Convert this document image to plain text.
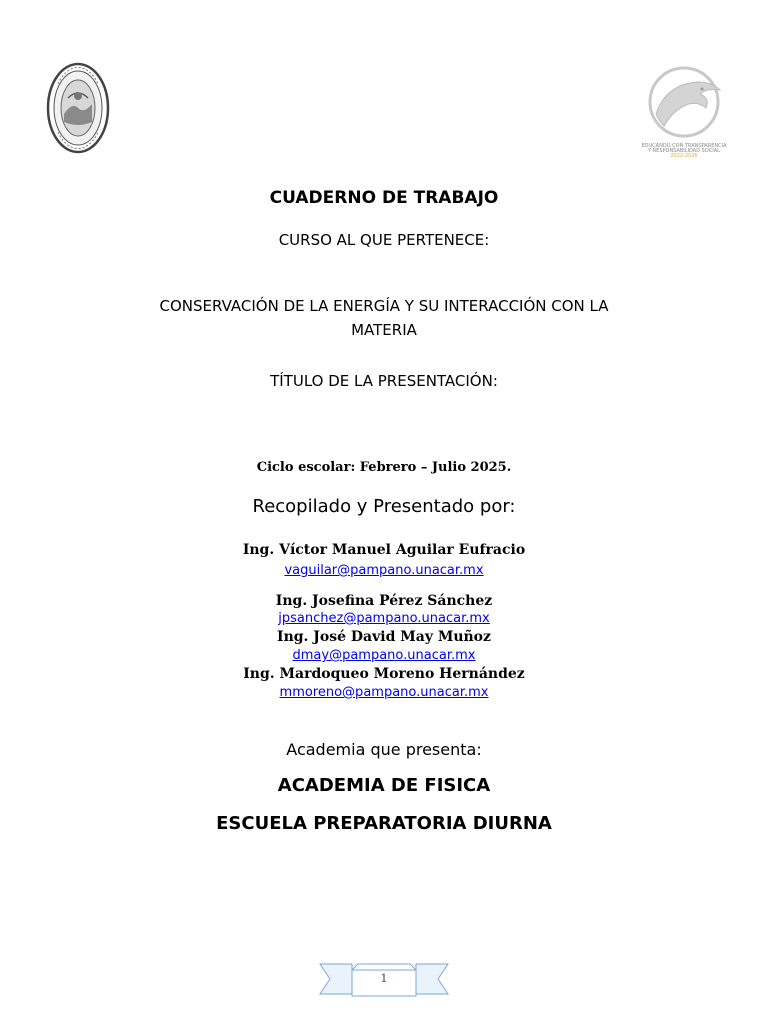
EDUCANDO CON TRANSPARENCIA
Y RESPONSABILIDAD SOCIAL
2022-2026
CUADERNO DE TRABAJO
CURSO AL QUE PERTENECE:
CONSERVACIÓN DE LA ENERGÍA Y SU INTERACCIÓN CON LA MATERIA
TÍTULO DE LA PRESENTACIÓN:
Ciclo escolar: Febrero – Julio 2025.
Recopilado y Presentado por:
Ing. Víctor Manuel Aguilar Eufracio
vaguilar@pampano.unacar.mx
Ing. Josefina Pérez Sánchez
jpsanchez@pampano.unacar.mx
Ing. José David May Muñoz
dmay@pampano.unacar.mx
Ing. Mardoqueo Moreno Hernández
mmoreno@pampano.unacar.mx
Academia que presenta:
ACADEMIA DE FISICA
ESCUELA PREPARATORIA DIURNA
1
